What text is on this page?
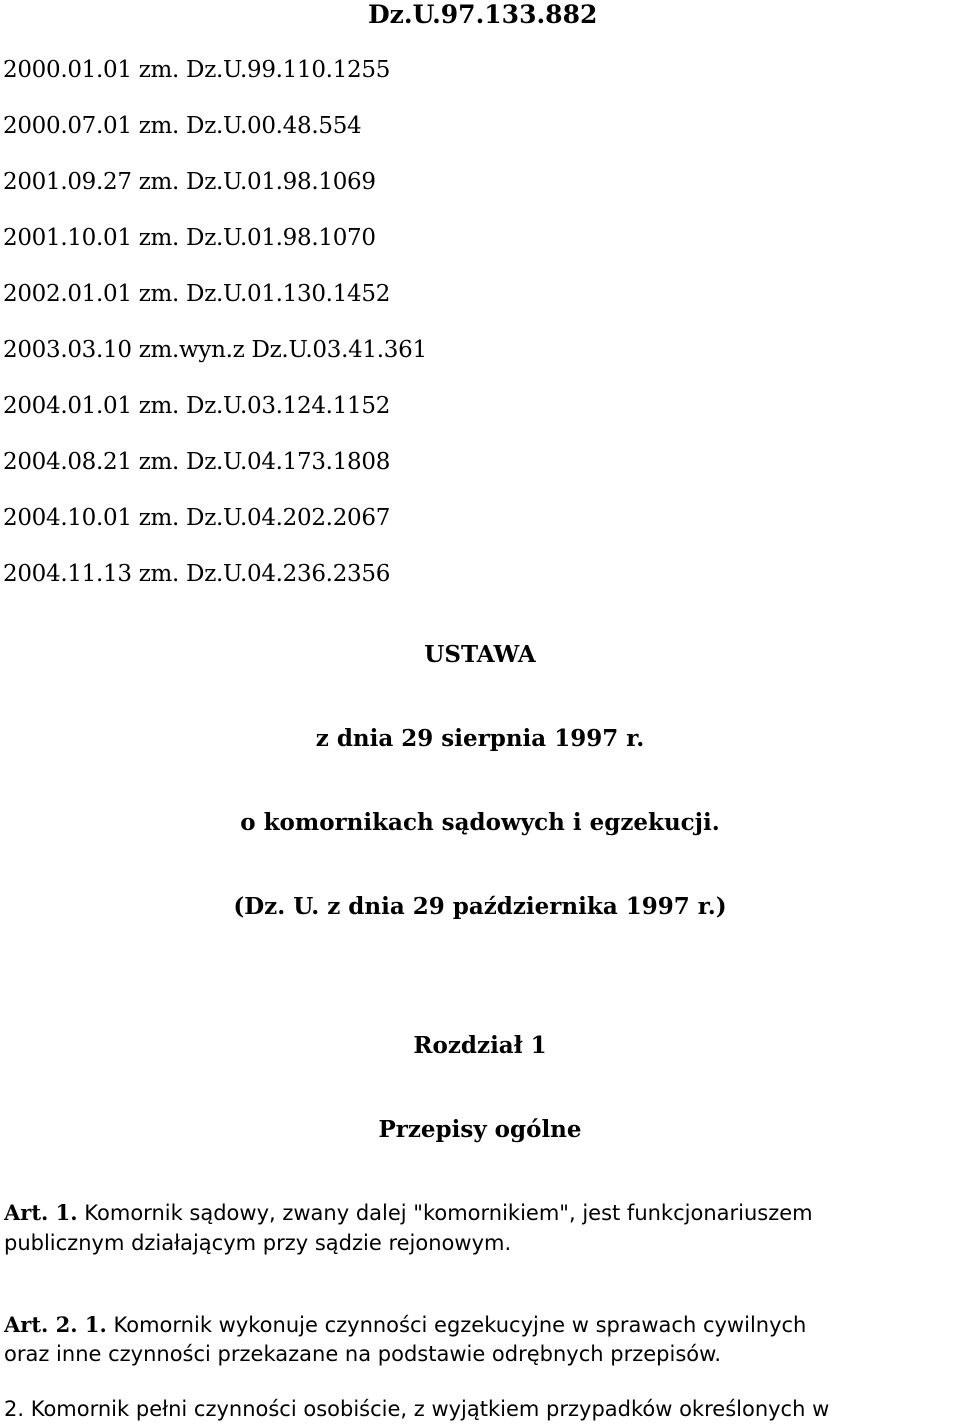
Dz.U.97.133.882
2000.01.01 zm. Dz.U.99.110.1255
2000.07.01 zm. Dz.U.00.48.554
2001.09.27 zm. Dz.U.01.98.1069
2001.10.01 zm. Dz.U.01.98.1070
2002.01.01 zm. Dz.U.01.130.1452
2003.03.10 zm.wyn.z Dz.U.03.41.361
2004.01.01 zm. Dz.U.03.124.1152
2004.08.21 zm. Dz.U.04.173.1808
2004.10.01 zm. Dz.U.04.202.2067
2004.11.13 zm. Dz.U.04.236.2356
USTAWA
z dnia 29 sierpnia 1997 r.
o komornikach sądowych i egzekucji.
(Dz. U. z dnia 29 października 1997 r.)
Rozdział 1
Przepisy ogólne
Art. 1. Komornik sądowy, zwany dalej "komornikiem", jest funkcjonariuszem
publicznym działającym przy sądzie rejonowym.
Art. 2. 1. Komornik wykonuje czynności egzekucyjne w sprawach cywilnych
oraz inne czynności przekazane na podstawie odrębnych przepisów.
2. Komornik pełni czynności osobiście, z wyjątkiem przypadków określonych w
